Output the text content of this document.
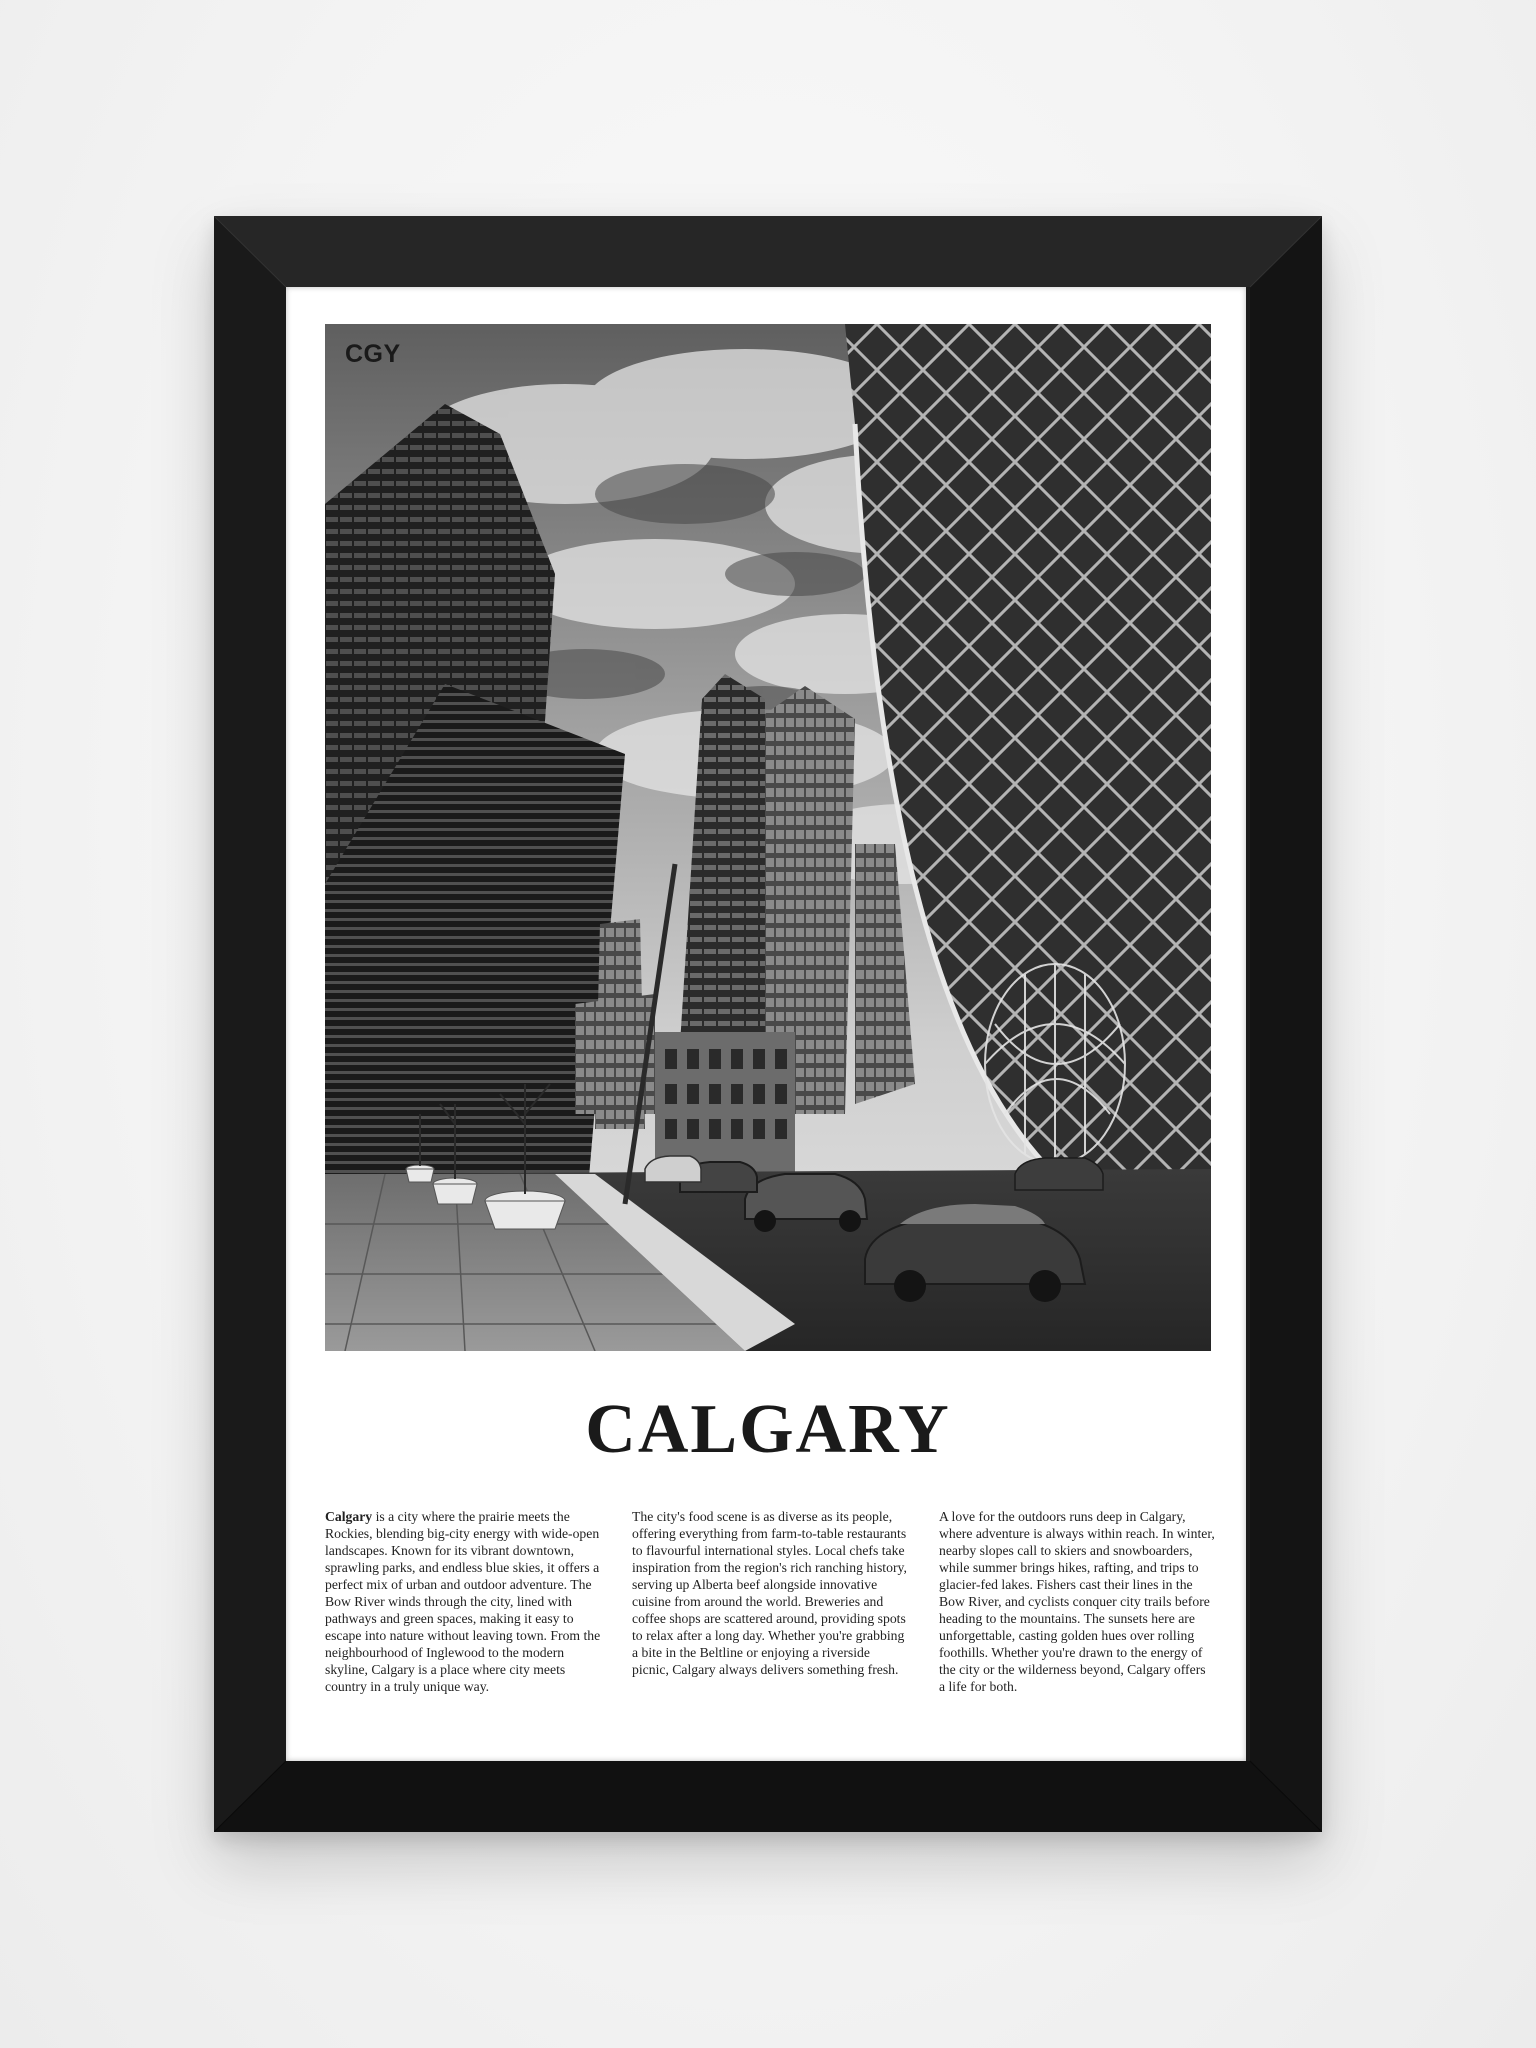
CGY
CALGARY

Calgary is a city where the prairie meets the Rockies, blending big-city energy with wide-open landscapes. Known for its vibrant downtown, sprawling parks, and endless blue skies, it offers a perfect mix of urban and outdoor adventure. The Bow River winds through the city, lined with pathways and green spaces, making it easy to escape into nature without leaving town. From the neighbourhood of Inglewood to the modern skyline, Calgary is a place where city meets country in a truly unique way.

The city's food scene is as diverse as its people, offering everything from farm-to-table restaurants to flavourful international styles. Local chefs take inspiration from the region's rich ranching history, serving up Alberta beef alongside innovative cuisine from around the world. Breweries and coffee shops are scattered around, providing spots to relax after a long day. Whether you're grabbing a bite in the Beltline or enjoying a riverside picnic, Calgary always delivers something fresh.

A love for the outdoors runs deep in Calgary, where adventure is always within reach. In winter, nearby slopes call to skiers and snowboarders, while summer brings hikes, rafting, and trips to glacier-fed lakes. Fishers cast their lines in the Bow River, and cyclists conquer city trails before heading to the mountains. The sunsets here are unforgettable, casting golden hues over rolling foothills. Whether you're drawn to the energy of the city or the wilderness beyond, Calgary offers a life for both.
